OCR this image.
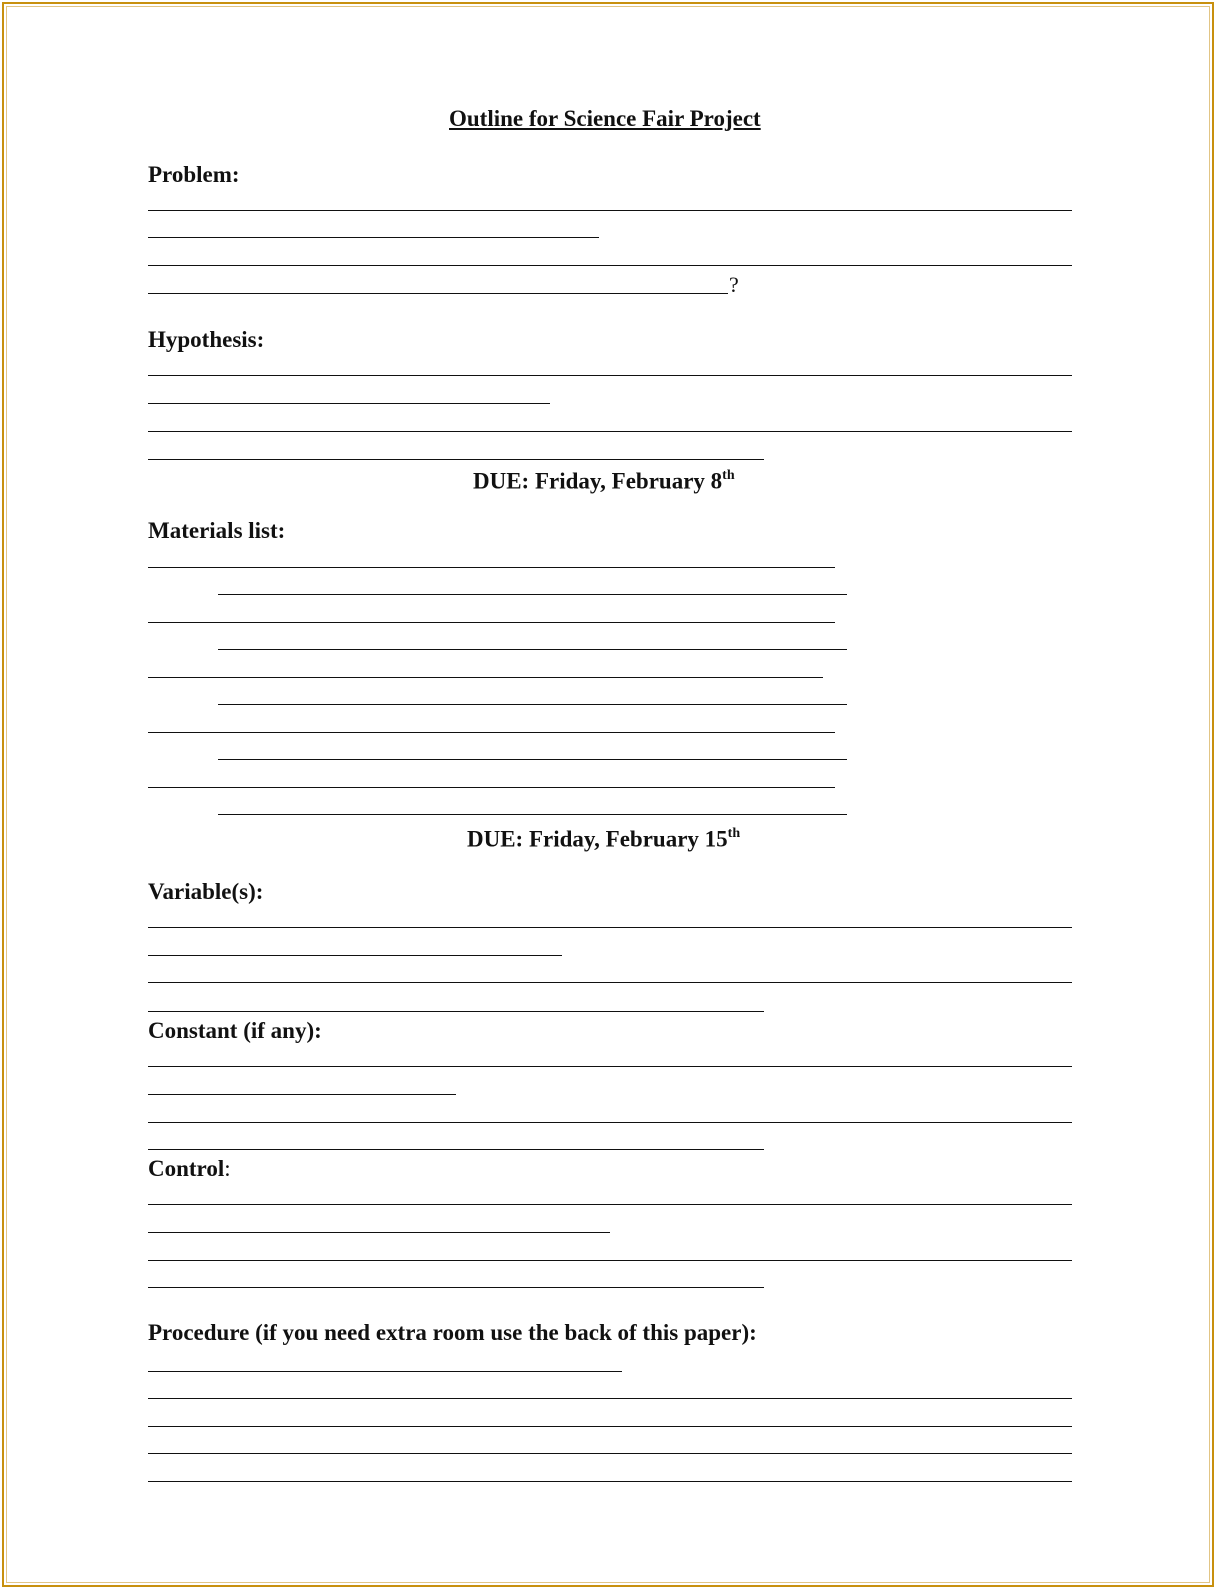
Outline for Science Fair Project
Problem:
?
Hypothesis:
DUE: Friday, February 8th
Materials list:
DUE: Friday, February 15th
Variable(s):
Constant (if any):
Control:
Procedure (if you need extra room use the back of this paper):
